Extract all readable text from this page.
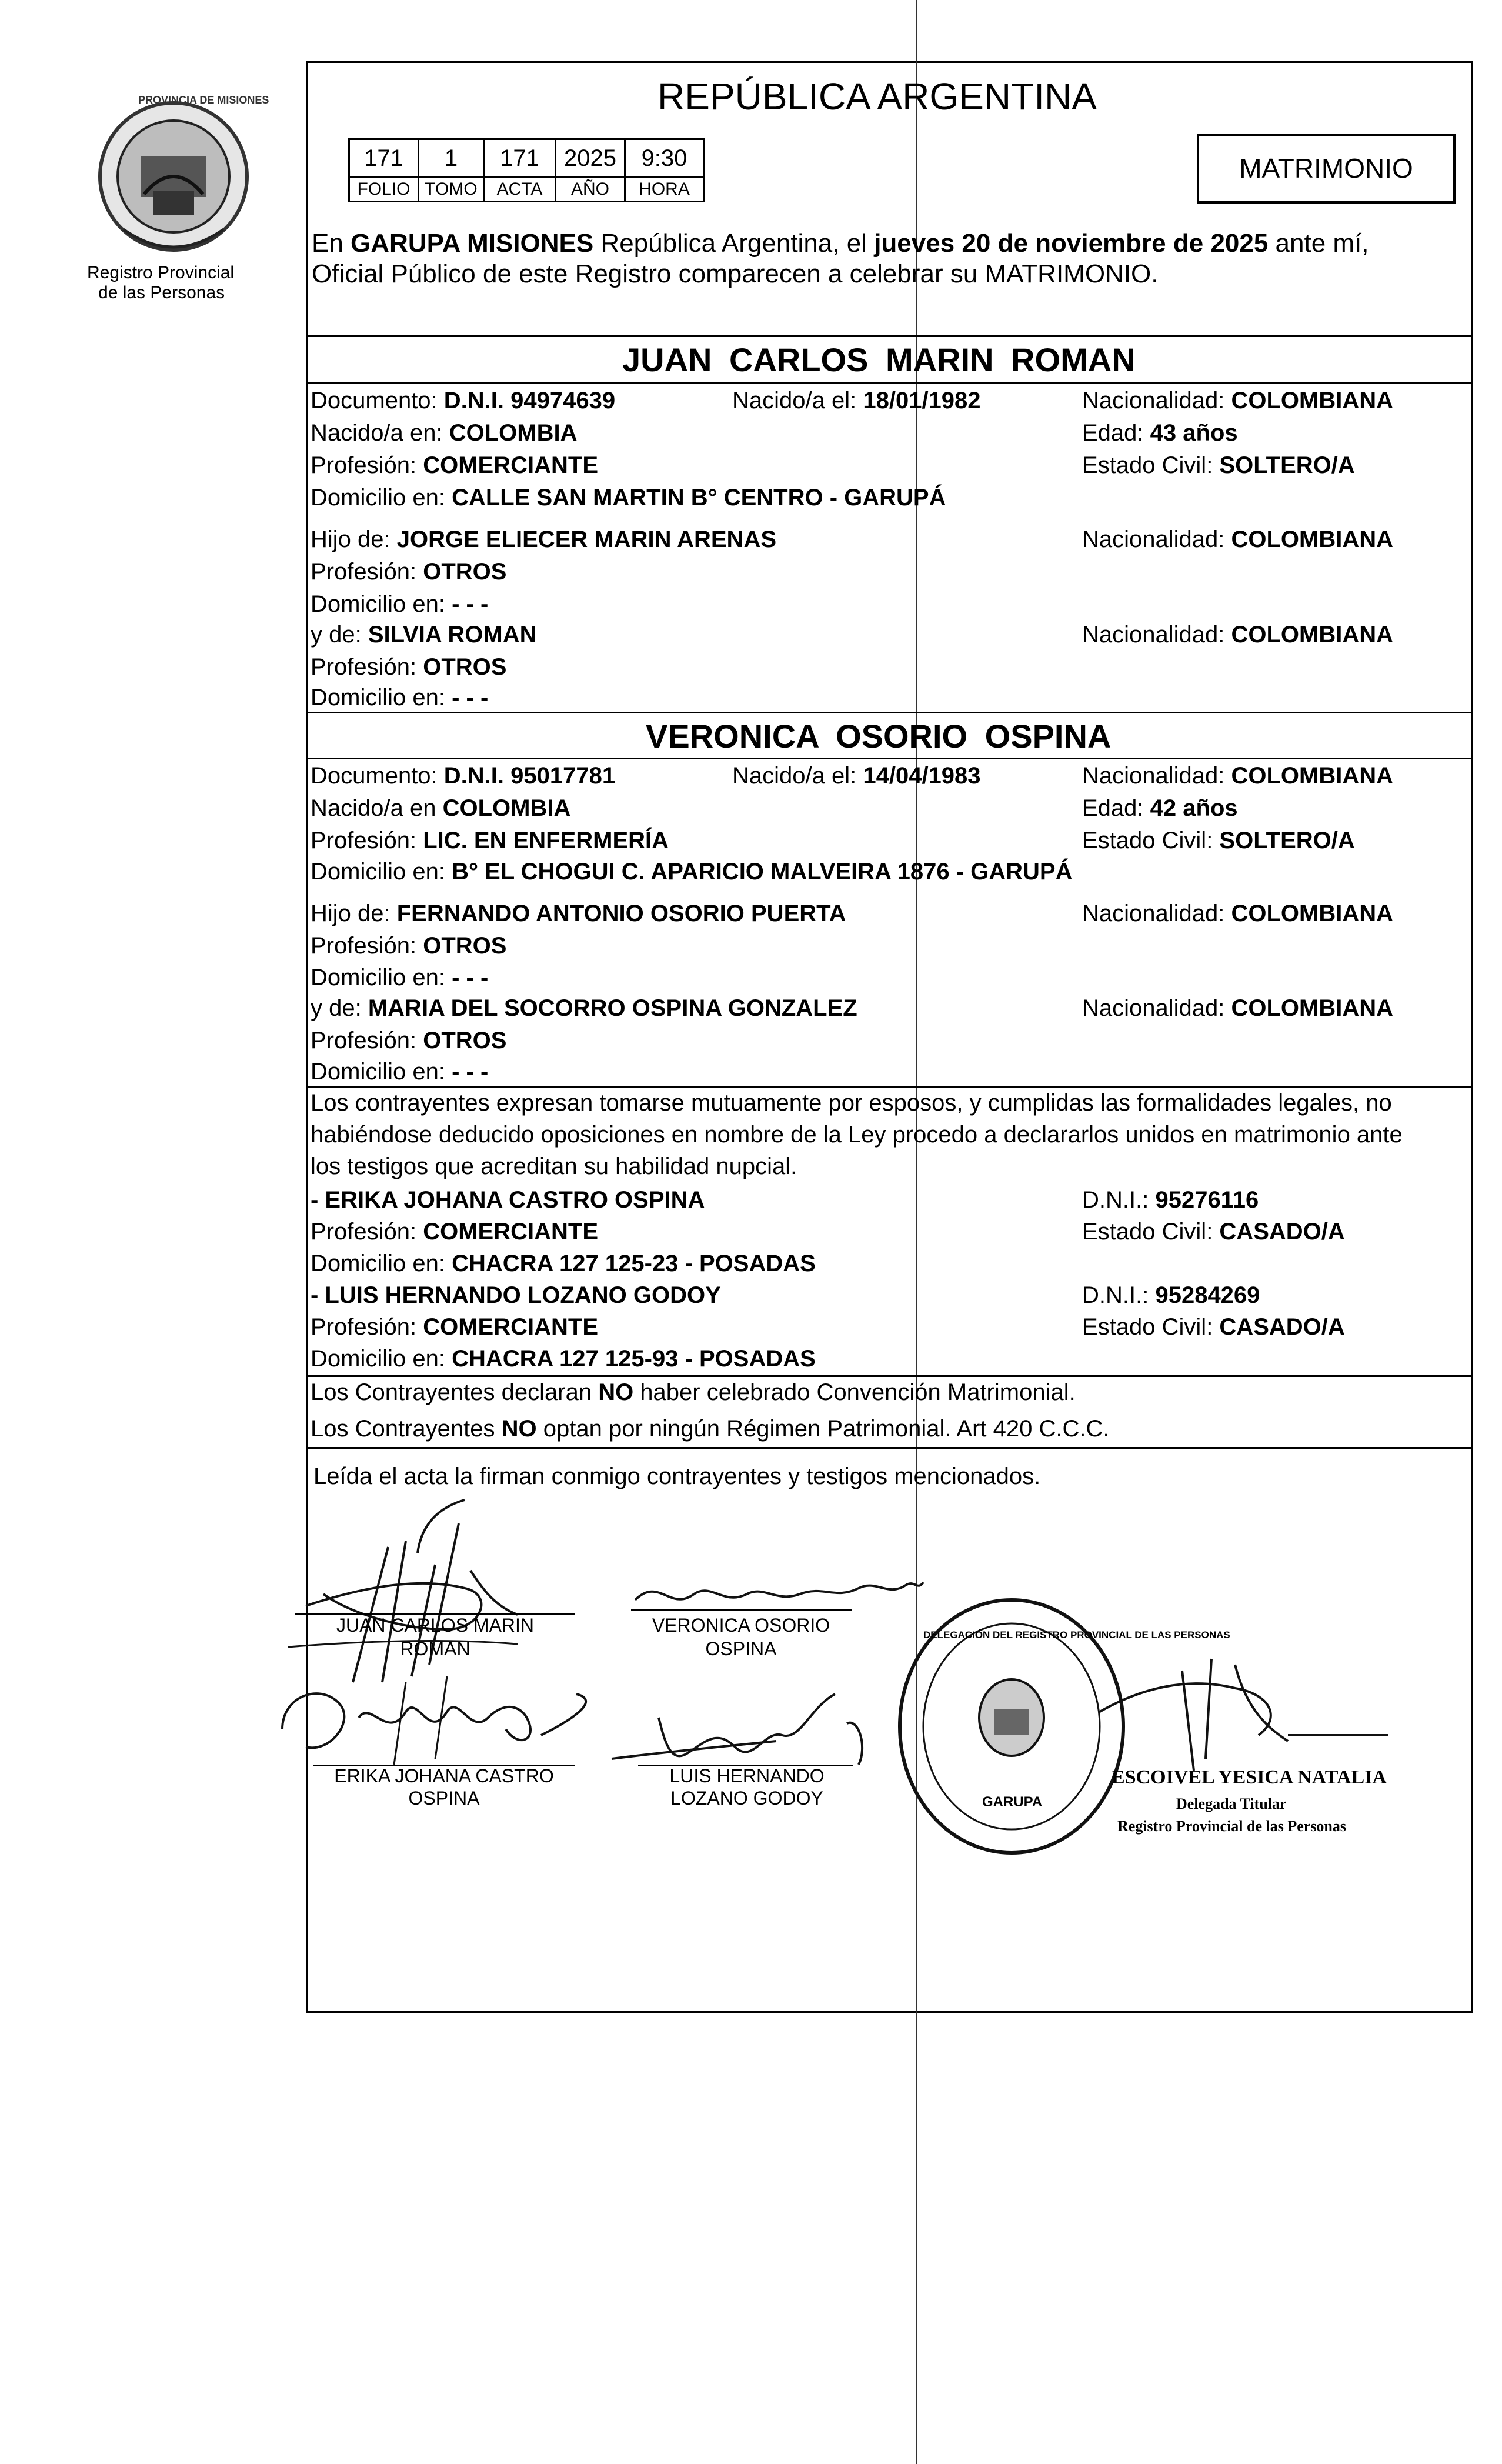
PROVINCIA DE MISIONES
Registro Provincial
de las Personas
REPÚBLICA ARGENTINA
171	1	171	2025	9:30
FOLIO	TOMO	ACTA	AÑO	HORA
MATRIMONIO
En GARUPA MISIONES República Argentina, el jueves 20 de noviembre de 2025 ante mí,
Oficial Público de este Registro comparecen a celebrar su MATRIMONIO.
JUAN CARLOS MARIN ROMAN
Documento: D.N.I. 94974639	Nacido/a el: 18/01/1982	Nacionalidad: COLOMBIANA
Nacido/a en: COLOMBIA	Edad: 43 años
Profesión: COMERCIANTE	Estado Civil: SOLTERO/A
Domicilio en: CALLE SAN MARTIN B° CENTRO - GARUPÁ
Hijo de: JORGE ELIECER MARIN ARENAS	Nacionalidad: COLOMBIANA
Profesión: OTROS
Domicilio en: - - -
y de: SILVIA ROMAN	Nacionalidad: COLOMBIANA
Profesión: OTROS
Domicilio en: - - -
VERONICA OSORIO OSPINA
Documento: D.N.I. 95017781	Nacido/a el: 14/04/1983	Nacionalidad: COLOMBIANA
Nacido/a en COLOMBIA	Edad: 42 años
Profesión: LIC. EN ENFERMERÍA	Estado Civil: SOLTERO/A
Domicilio en: B° EL CHOGUI C. APARICIO MALVEIRA 1876 - GARUPÁ
Hijo de: FERNANDO ANTONIO OSORIO PUERTA	Nacionalidad: COLOMBIANA
Profesión: OTROS
Domicilio en: - - -
y de: MARIA DEL SOCORRO OSPINA GONZALEZ	Nacionalidad: COLOMBIANA
Profesión: OTROS
Domicilio en: - - -
Los contrayentes expresan tomarse mutuamente por esposos, y cumplidas las formalidades legales, no
habiéndose deducido oposiciones en nombre de la Ley procedo a declararlos unidos en matrimonio ante
los testigos que acreditan su habilidad nupcial.
- ERIKA JOHANA CASTRO OSPINA	D.N.I.: 95276116
Profesión: COMERCIANTE	Estado Civil: CASADO/A
Domicilio en: CHACRA 127 125-23 - POSADAS
- LUIS HERNANDO LOZANO GODOY	D.N.I.: 95284269
Profesión: COMERCIANTE	Estado Civil: CASADO/A
Domicilio en: CHACRA 127 125-93 - POSADAS
Los Contrayentes declaran NO haber celebrado Convención Matrimonial.
Los Contrayentes NO optan por ningún Régimen Patrimonial. Art 420 C.C.C.
Leída el acta la firman conmigo contrayentes y testigos mencionados.
JUAN CARLOS MARIN
ROMAN
VERONICA OSORIO
OSPINA
ERIKA JOHANA CASTRO
OSPINA
LUIS HERNANDO
LOZANO GODOY
DELEGACIÓN DEL REGISTRO PROVINCIAL DE LAS PERSONAS
GARUPA
ESCOIVEL YESICA NATALIA
Delegada Titular
Registro Provincial de las Personas
